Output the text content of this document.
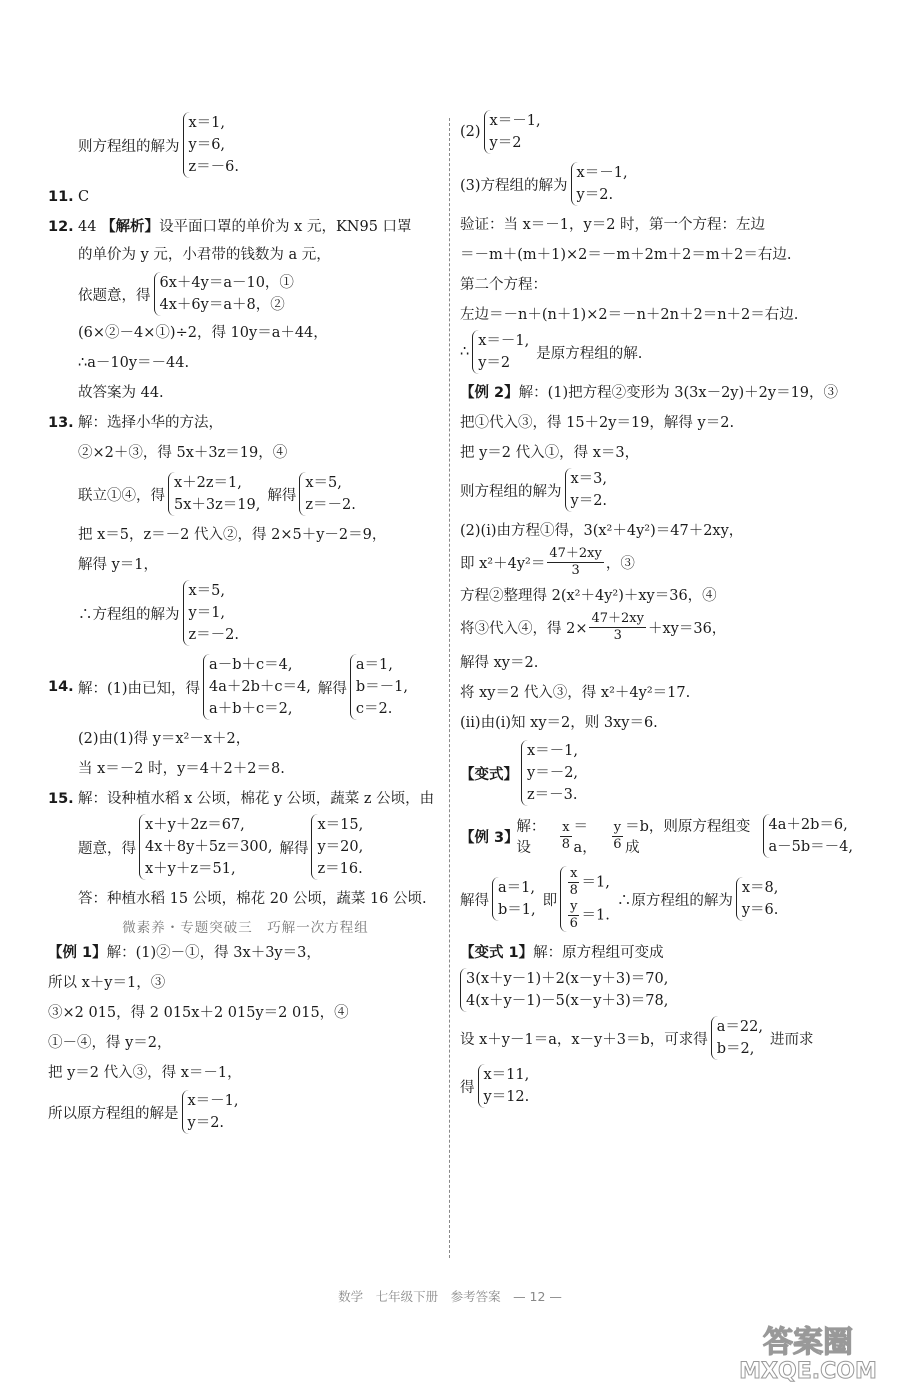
则方程组的解为
x＝1,
y＝6,
z＝－6.
11. C
12. 44 【解析】设平面口罩的单价为 x 元，KN95 口罩
的单价为 y 元，小君带的钱数为 a 元，
依题意，得
6x＋4y＝a－10，①
4x＋6y＝a＋8，②
(6×②－4×①)÷2，得 10y＝a＋44，
∴a－10y＝－44.
故答案为 44.
13. 解：选择小华的方法，
②×2＋③，得 5x＋3z＝19，④
联立①④，得
x＋2z＝1,
5x＋3z＝19,
解得
x＝5,
z＝－2.
把 x＝5，z＝－2 代入②，得 2×5＋y－2＝9，
解得 y＝1，
∴方程组的解为
x＝5,
y＝1,
z＝－2.
14. 解：(1)由已知，得
a－b＋c＝4,
4a＋2b＋c＝4,
a＋b＋c＝2,
解得
a＝1,
b＝－1,
c＝2.
(2)由(1)得 y＝x²－x＋2，
当 x＝－2 时，y＝4＋2＋2＝8.
15. 解：设种植水稻 x 公顷，棉花 y 公顷，蔬菜 z 公顷，由
题意，得
x＋y＋2z＝67,
4x＋8y＋5z＝300,
x＋y＋z＝51,
解得
x＝15,
y＝20,
z＝16.
答：种植水稻 15 公顷，棉花 20 公顷，蔬菜 16 公顷.
微素养・专题突破三　巧解一次方程组
【例 1】解：(1)②－①，得 3x＋3y＝3，
所以 x＋y＝1，③
③×2 015，得 2 015x＋2 015y＝2 015，④
①－④，得 y＝2，
把 y＝2 代入③，得 x＝－1，
所以原方程组的解是
x＝－1,
y＝2.
(2)
x＝－1,
y＝2
(3)方程组的解为
x＝－1,
y＝2.
验证：当 x＝－1，y＝2 时，第一个方程：左边
＝－m＋(m＋1)×2＝－m＋2m＋2＝m＋2＝右边.
第二个方程：
左边＝－n＋(n＋1)×2＝－n＋2n＋2＝n＋2＝右边.
∴
x＝－1,
y＝2
是原方程组的解.
【例 2】解：(1)把方程②变形为 3(3x－2y)＋2y＝19，③
把①代入③，得 15＋2y＝19，解得 y＝2.
把 y＝2 代入①，得 x＝3，
则方程组的解为
x＝3,
y＝2.
(2)(ⅰ)由方程①得，3(x²＋4y²)＝47＋2xy，
即 $x^2+4y^2= \frac{47+2xy}{3}$ ，③
方程②整理得 2(x²＋4y²)＋xy＝36，④
将③代入④，得 $2\times \frac{47+2xy}{3} +xy=36$，
解得 xy＝2.
将 xy＝2 代入③，得 x²＋4y²＝17.
(ⅱ)由(ⅰ)知 xy＝2，则 3xy＝6.
【变式】
x＝－1,
y＝－2,
z＝－3.
【例 3】
解：设	$\frac{x}{8} =a$，	$\frac{y}{6} =b$，则原方程组变成
4a＋2b＝6,
a－5b＝－4,
解得
a＝1,
b＝1,
即
$\frac{x}{8} =1$,
$\frac{y}{6} =1$.
∴原方程组的解为
x＝8,
y＝6.
【变式 1】解：原方程组可变成
3(x＋y－1)＋2(x－y＋3)＝70,
4(x＋y－1)－5(x－y＋3)＝78,
设 x＋y－1＝a，x－y＋3＝b，可求得
a＝22,
b＝2,
进而求
得
x＝11,
y＝12.
数学　七年级下册　参考答案　— 12 —
答案圈
MXQE.COM
